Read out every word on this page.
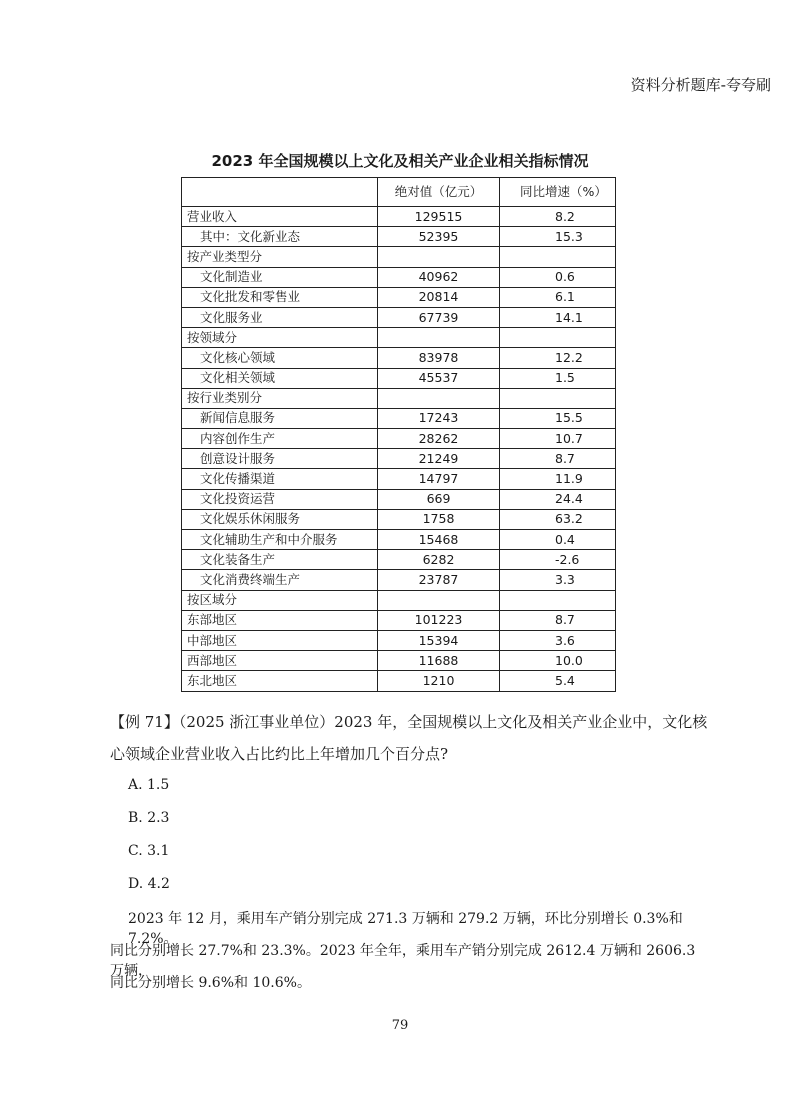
资料分析题库-夸夸刷
2023 年全国规模以上文化及相关产业企业相关指标情况
	绝对值（亿元）	同比增速（%）
营业收入	129515	8.2
其中：文化新业态	52395	15.3
按产业类型分		
文化制造业	40962	0.6
文化批发和零售业	20814	6.1
文化服务业	67739	14.1
按领域分		
文化核心领域	83978	12.2
文化相关领域	45537	1.5
按行业类别分		
新闻信息服务	17243	15.5
内容创作生产	28262	10.7
创意设计服务	21249	8.7
文化传播渠道	14797	11.9
文化投资运营	669	24.4
文化娱乐休闲服务	1758	63.2
文化辅助生产和中介服务	15468	0.4
文化装备生产	6282	-2.6
文化消费终端生产	23787	3.3
按区域分		
东部地区	101223	8.7
中部地区	15394	3.6
西部地区	11688	10.0
东北地区	1210	5.4
【例 71】（2025 浙江事业单位）2023 年，全国规模以上文化及相关产业企业中，文化核
心领域企业营业收入占比约比上年增加几个百分点?
A. 1.5
B. 2.3
C. 3.1
D. 4.2
2023 年 12 月，乘用车产销分别完成 271.3 万辆和 279.2 万辆，环比分别增长 0.3%和 7.2%。
同比分别增长 27.7%和 23.3%。2023 年全年，乘用车产销分别完成 2612.4 万辆和 2606.3 万辆，
同比分别增长 9.6%和 10.6%。
79
